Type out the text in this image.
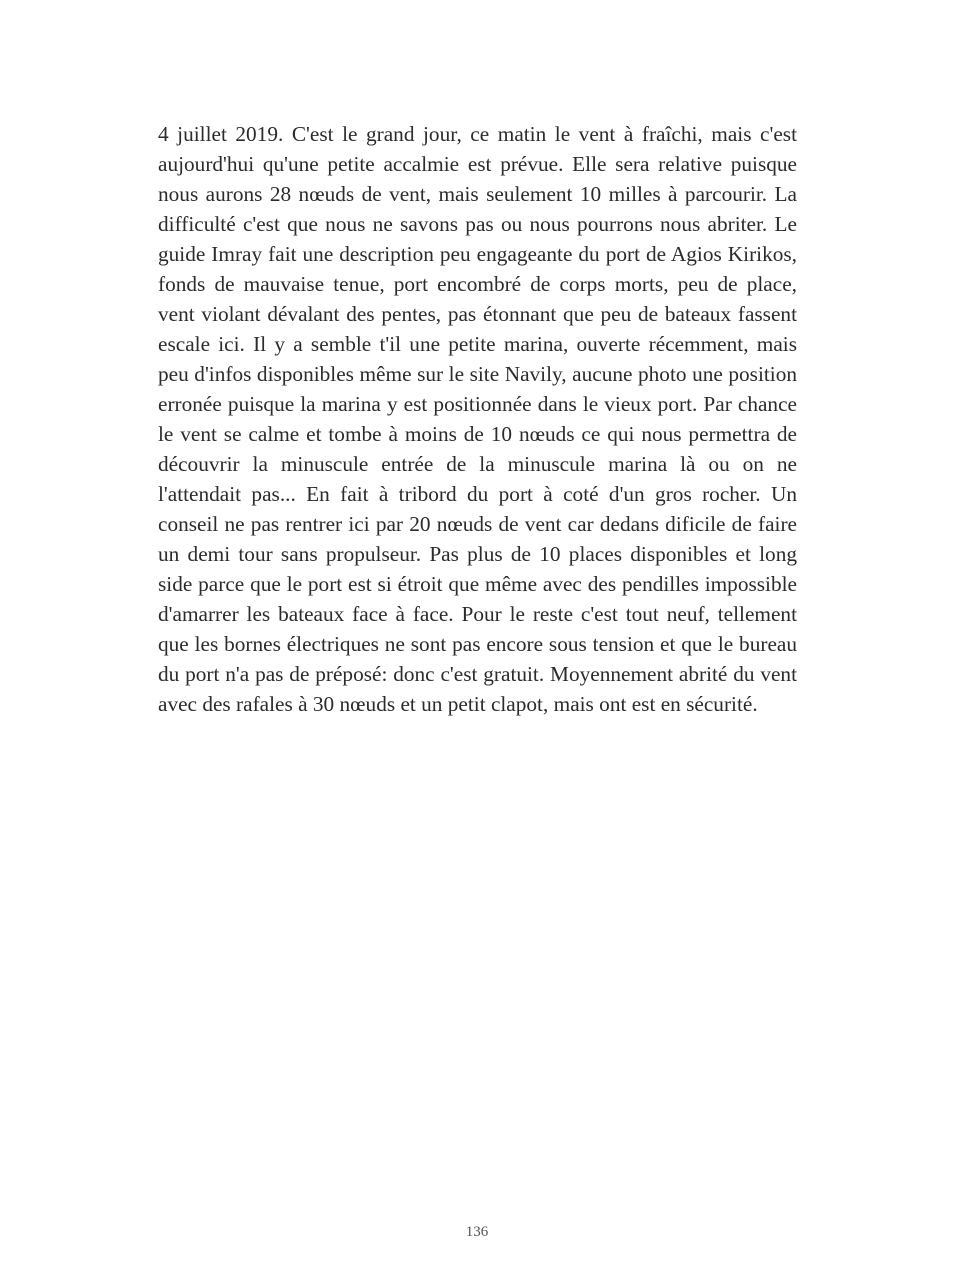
4 juillet 2019. C'est le grand jour, ce matin le vent à fraîchi, mais c'est aujourd'hui qu'une petite accalmie est prévue. Elle sera relative puisque nous aurons 28 nœuds de vent, mais seulement 10 milles à parcourir. La difficulté c'est que nous ne savons pas ou nous pourrons nous abriter. Le guide Imray fait une description peu engageante du port de Agios Kirikos, fonds de mauvaise tenue, port encombré de corps morts, peu de place, vent violant dévalant des pentes, pas étonnant que peu de bateaux fassent escale ici. Il y a semble t'il une petite marina, ouverte récemment, mais peu d'infos disponibles même sur le site Navily, aucune photo une position erronée puisque la marina y est positionnée dans le vieux port. Par chance le vent se calme et tombe à moins de 10 nœuds ce qui nous permettra de découvrir la minuscule entrée de la minuscule marina là ou on ne l'attendait pas... En fait à tribord du port à coté d'un gros rocher. Un conseil ne pas rentrer ici par 20 nœuds de vent car dedans dificile de faire un demi tour sans propulseur. Pas plus de 10 places disponibles et long side parce que le port est si étroit que même avec des pendilles impossible d'amarrer les bateaux face à face. Pour le reste c'est tout neuf, tellement que les bornes électriques ne sont pas encore sous tension et que le bureau du port n'a pas de préposé: donc c'est gratuit. Moyennement abrité du vent avec des rafales à 30 nœuds et un petit clapot, mais ont est en sécurité.

136
